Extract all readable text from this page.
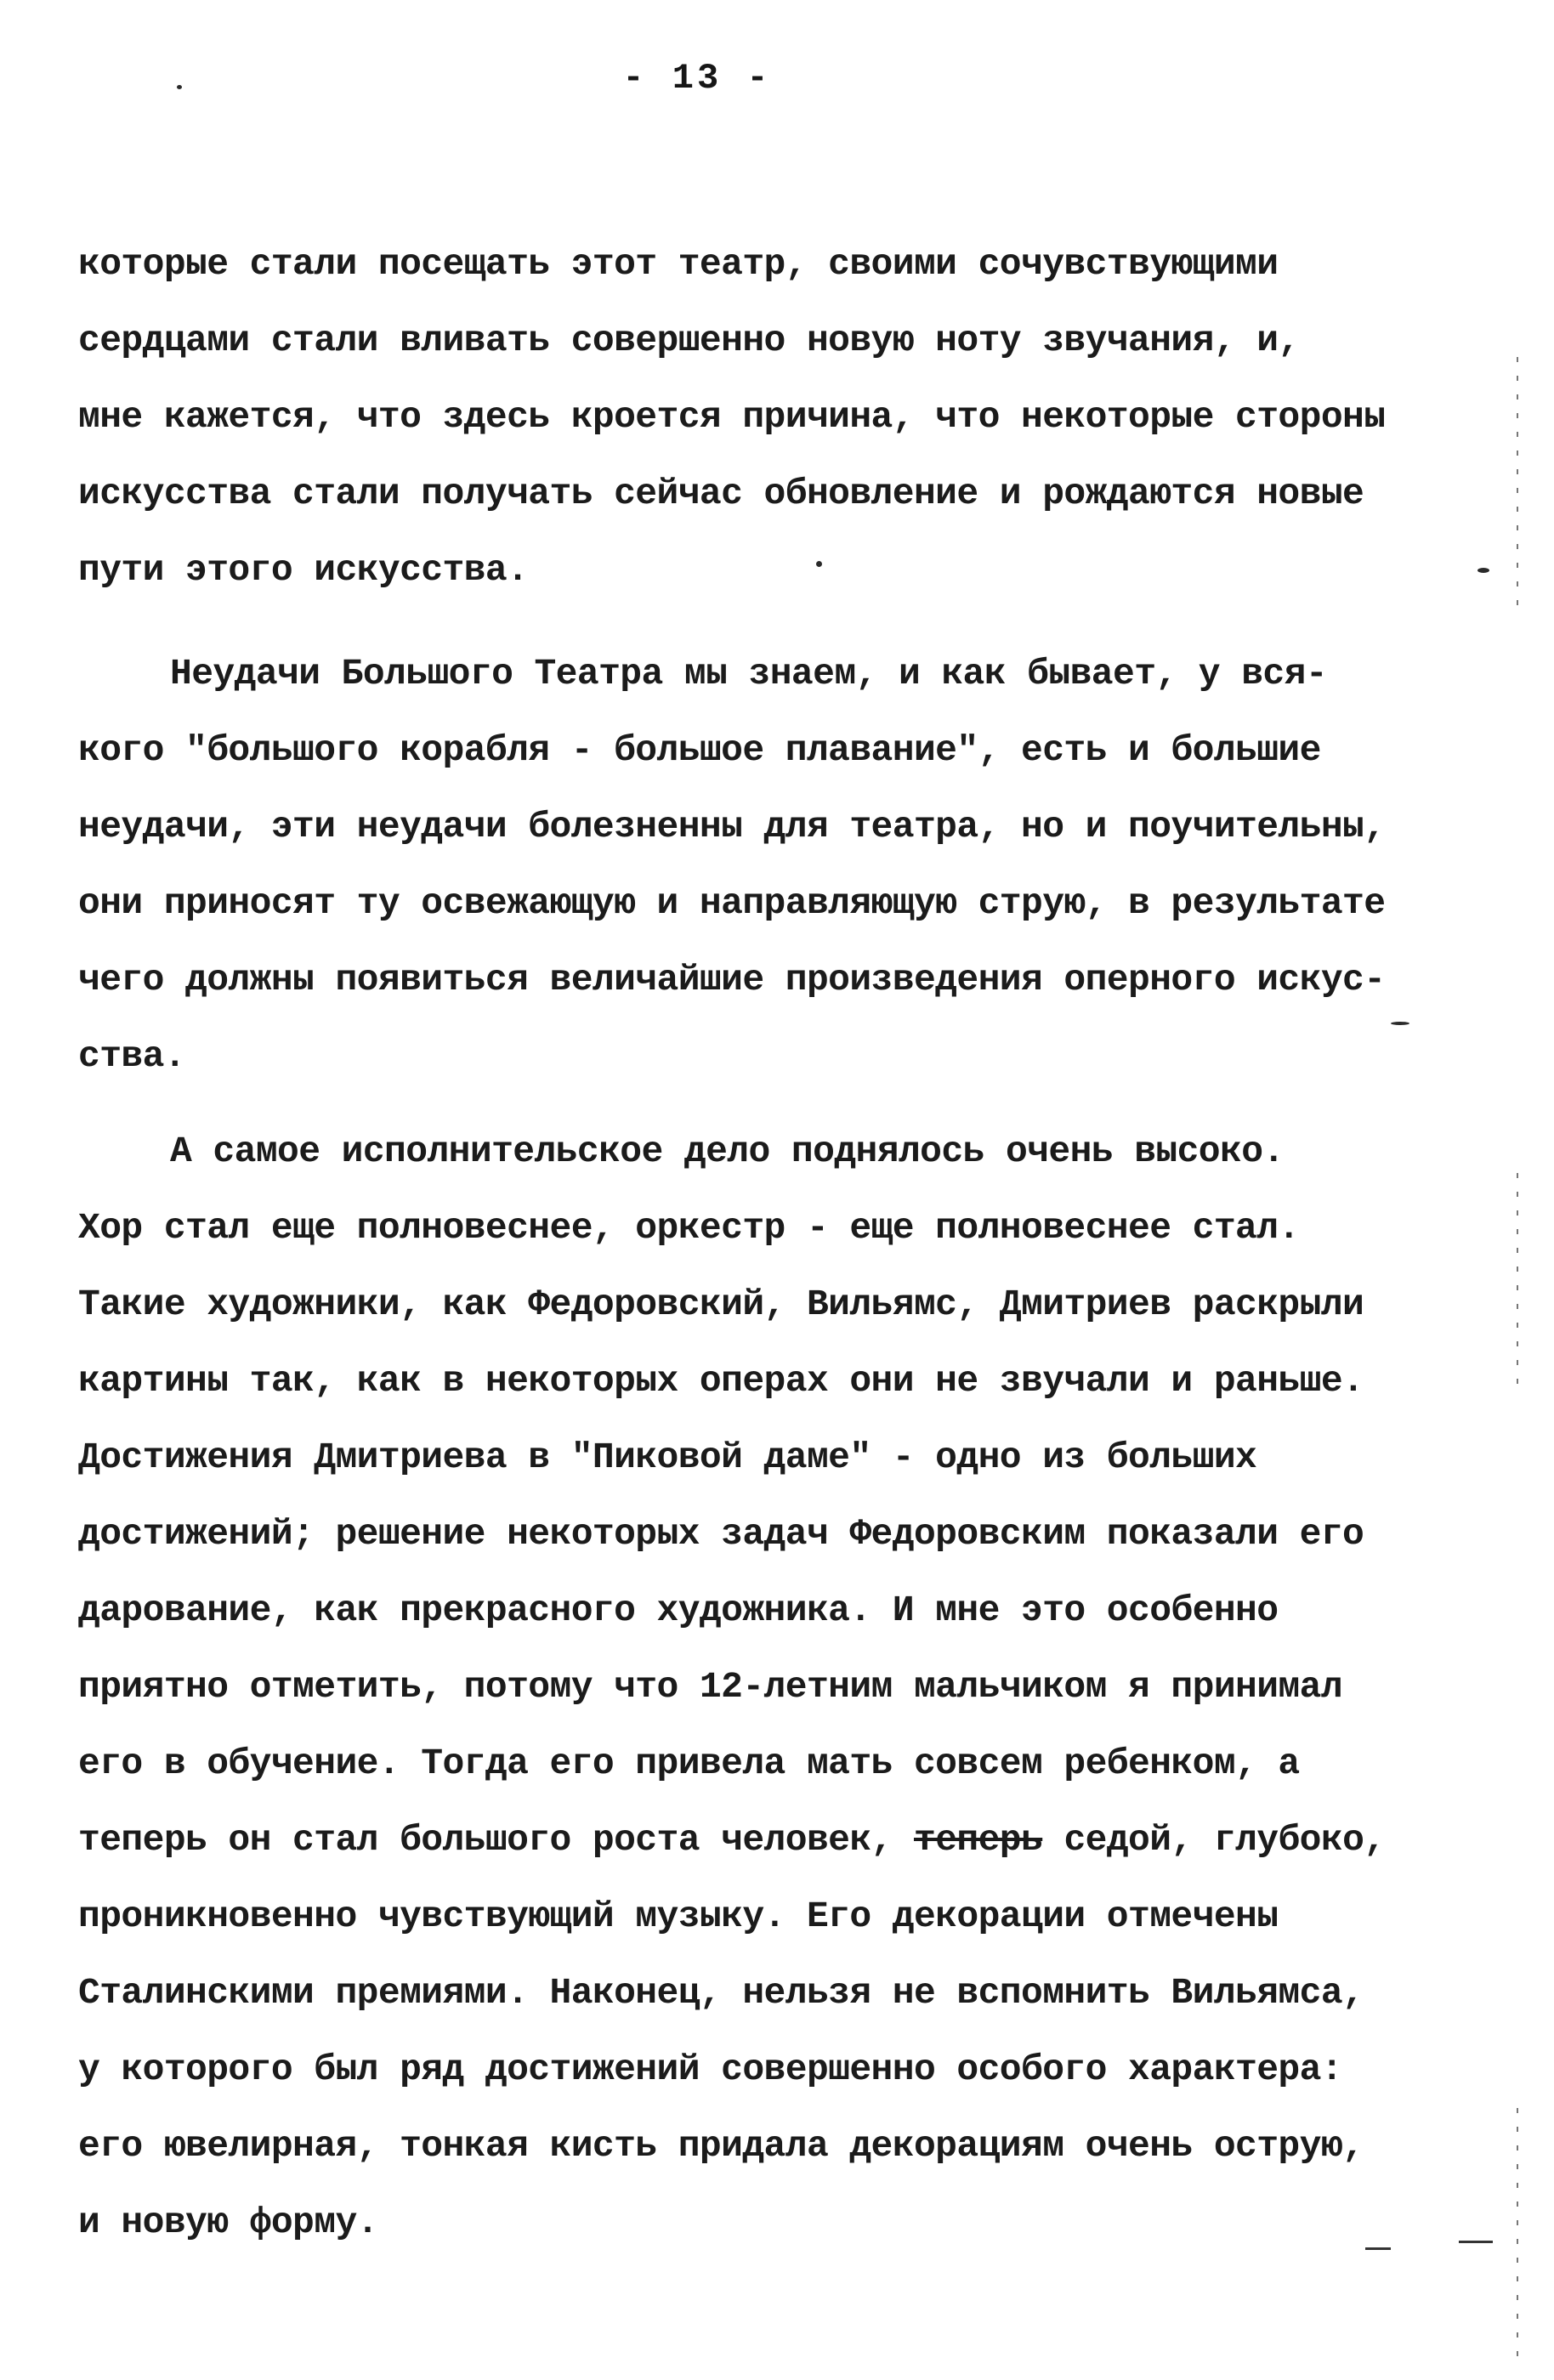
- 13 -
которые стали посещать этот театр, своими сочувствующими
сердцами стали вливать совершенно новую ноту звучания, и,
мне кажется, что здесь кроется причина, что некоторые стороны
искусства стали получать сейчас обновление и рождаются новые
пути этого искусства.
Неудачи Большого Театра мы знаем, и как бывает, у вся-
кого "большого корабля - большое плавание", есть и большие
неудачи, эти неудачи болезненны для театра, но и поучительны,
они приносят ту освежающую и направляющую струю, в результате
чего должны появиться величайшие произведения оперного искус-
ства.
А самое исполнительское дело поднялось очень высоко.
Хор стал еще полновеснее, оркестр - еще полновеснее стал.
Такие художники, как Федоровский, Вильямс, Дмитриев раскрыли
картины так, как в некоторых операх они не звучали и раньше.
Достижения Дмитриева в "Пиковой даме" - одно из больших
достижений; решение некоторых задач Федоровским показали его
дарование, как прекрасного художника. И мне это особенно
приятно отметить, потому что 12-летним мальчиком я принимал
его в обучение. Тогда его привела мать совсем ребенком, а
теперь он стал большого роста человек, теперь седой, глубоко,
проникновенно чувствующий музыку. Его декорации отмечены
Сталинскими премиями. Наконец, нельзя не вспомнить Вильямса,
у которого был ряд достижений совершенно особого характера:
его ювелирная, тонкая кисть придала декорациям очень острую,
и новую форму.
